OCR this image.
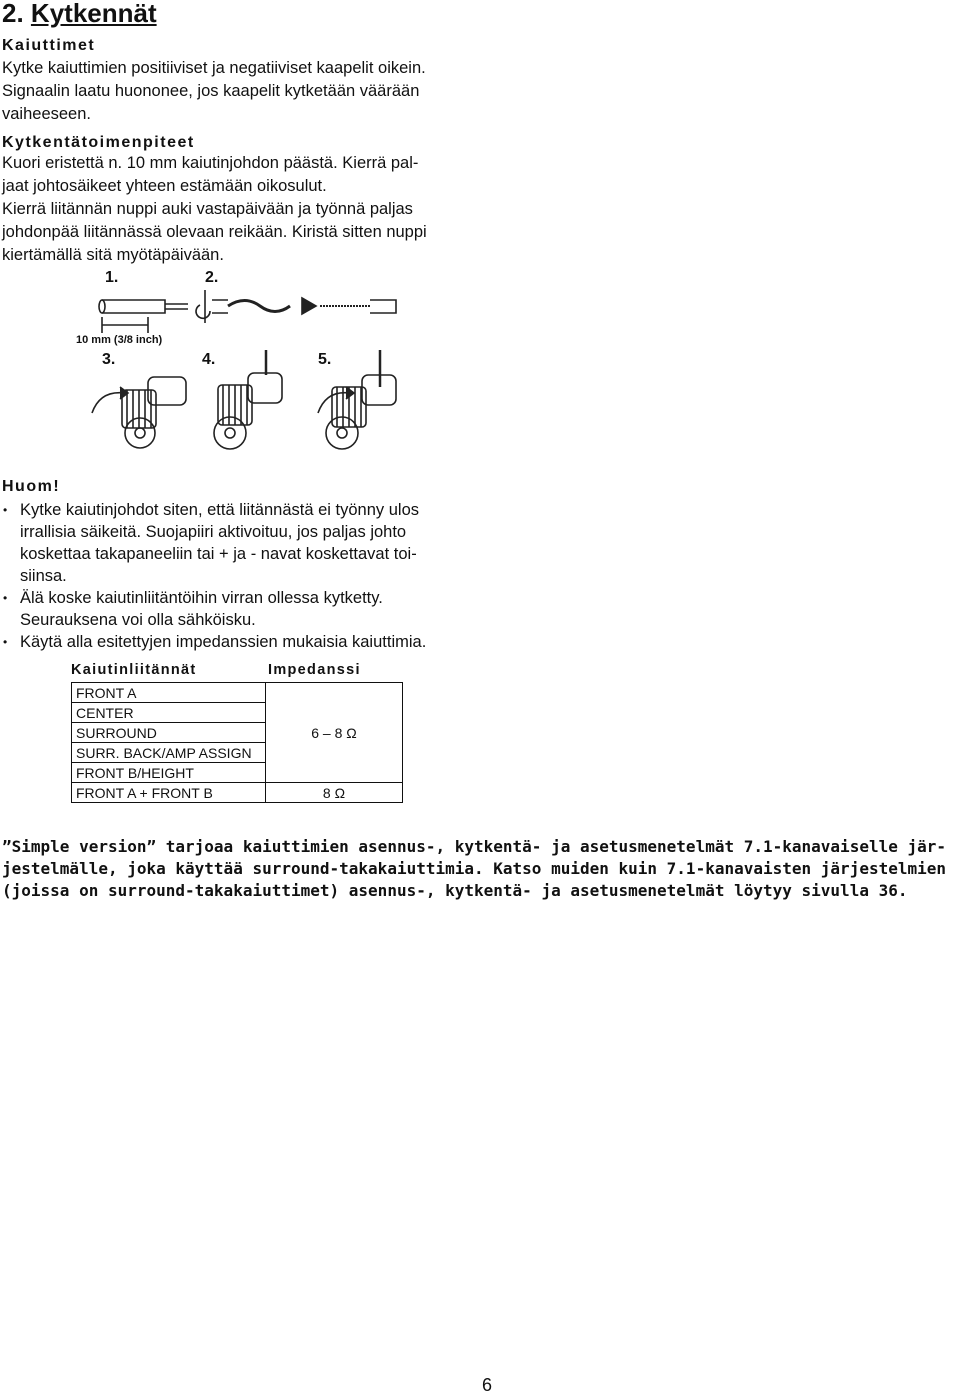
2. Kytkennät
Kaiuttimet
Kytke kaiuttimien positiiviset ja negatiiviset kaapelit oikein.
Signaalin laatu huononee, jos kaapelit kytketään väärään
vaiheeseen.
Kytkentätoimenpiteet
Kuori eristettä n. 10 mm kaiutinjohdon päästä. Kierrä pal-
jaat johtosäikeet yhteen estämään oikosulut.
Kierrä liitännän nuppi auki vastapäivään ja työnnä paljas
johdonpää liitännässä olevaan reikään. Kiristä sitten nuppi
kiertämällä sitä myötäpäivään.
1.	2.
3.	4.	5.
10 mm (3/8 inch)
Huom!
• Kytke kaiutinjohdot siten, että liitännästä ei työnny ulos
irrallisia säikeitä. Suojapiiri aktivoituu, jos paljas johto
koskettaa takapaneeliin tai + ja - navat koskettavat toi-
siinsa.
• Älä koske kaiutinliitäntöihin virran ollessa kytketty.
Seurauksena voi olla sähköisku.
• Käytä alla esitettyjen impedanssien mukaisia kaiuttimia.
Kaiutinliitännät	Impedanssi
FRONT A	6 – 8 Ω
CENTER	
SURROUND	
SURR. BACK/AMP ASSIGN	
FRONT B/HEIGHT	
FRONT A + FRONT B	8 Ω
”Simple version” tarjoaa kaiuttimien asennus-, kytkentä- ja asetusmenetelmät 7.1-kanavaiselle jär-
jestelmälle, joka käyttää surround-takakaiuttimia. Katso muiden kuin 7.1-kanavaisten järjestelmien
(joissa on surround-takakaiuttimet) asennus-, kytkentä- ja asetusmenetelmät löytyy sivulla 36.
6
